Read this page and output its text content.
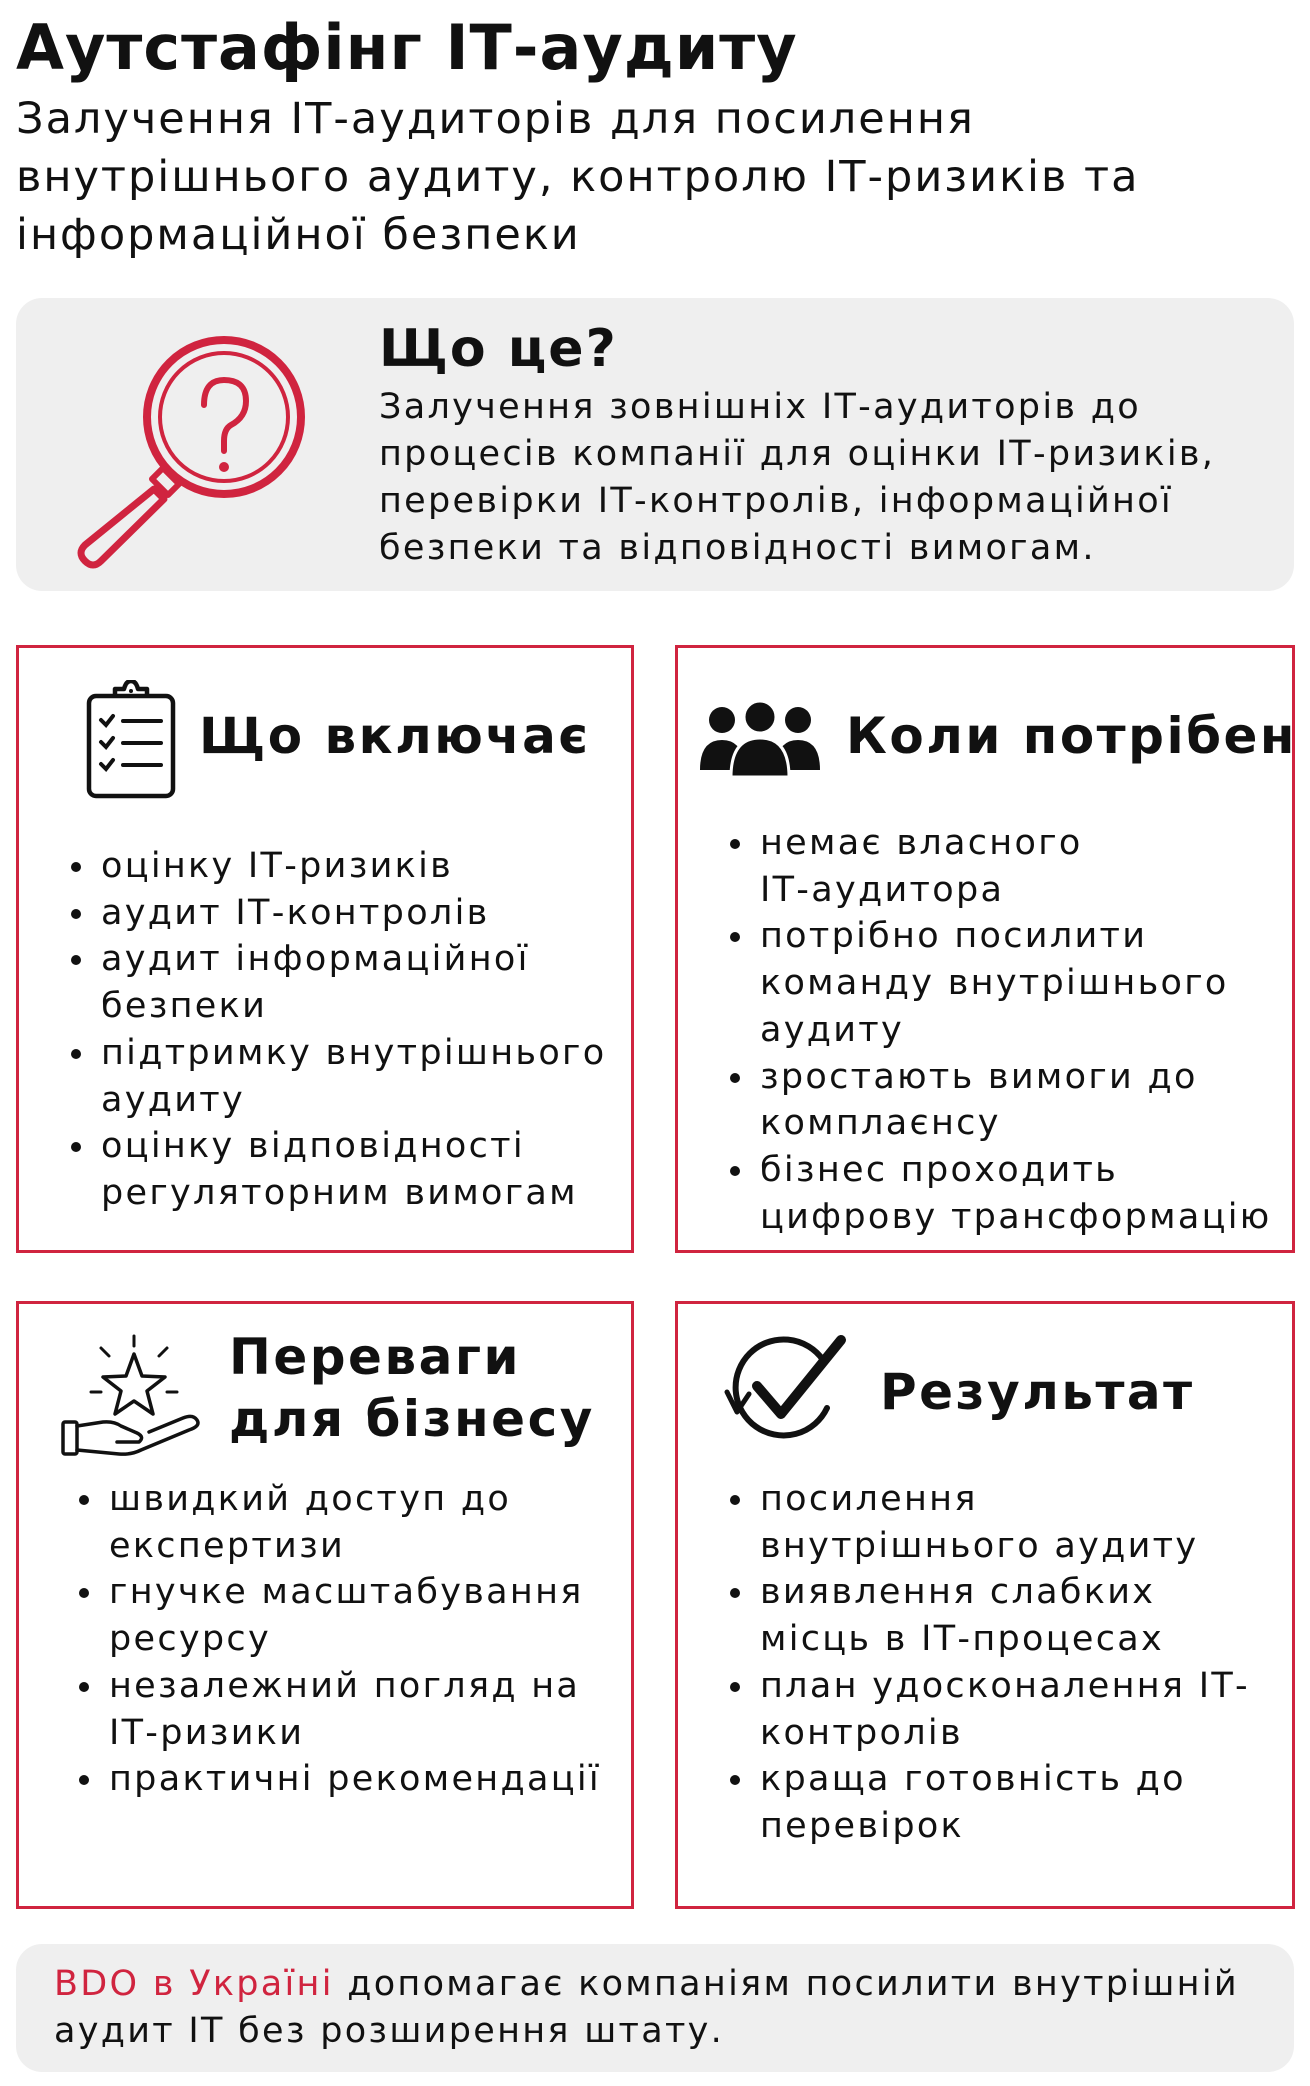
Аутстафінг ІТ-аудиту

Залучення ІТ-аудиторів для посилення внутрішнього аудиту, контролю ІТ-ризиків та інформаційної безпеки

Що це?

Залучення зовнішніх ІТ-аудиторів до процесів компанії для оцінки ІТ-ризиків, перевірки ІТ-контролів, інформаційної безпеки та відповідності вимогам.

Що включає
оцінку ІТ-ризиків
аудит ІТ-контролів
аудит інформаційної
безпеки
підтримку внутрішнього
аудиту
оцінку відповідності
регуляторним вимогам
Коли потрібен
немає власного
ІТ-аудитора
потрібно посилити
команду внутрішнього
аудиту
зростають вимоги до
комплаєнсу
бізнес проходить
цифрову трансформацію
Переваги
для бізнесу
швидкий доступ до
експертизи
гнучке масштабування
ресурсу
незалежний погляд на
ІТ-ризики
практичні рекомендації
Результат
посилення
внутрішнього аудиту
виявлення слабких
місць в ІТ-процесах
план удосконалення ІТ-
контролів
краща готовність до
перевірок

BDO в Україні допомагає компаніям посилити внутрішній аудит ІТ без розширення штату.
